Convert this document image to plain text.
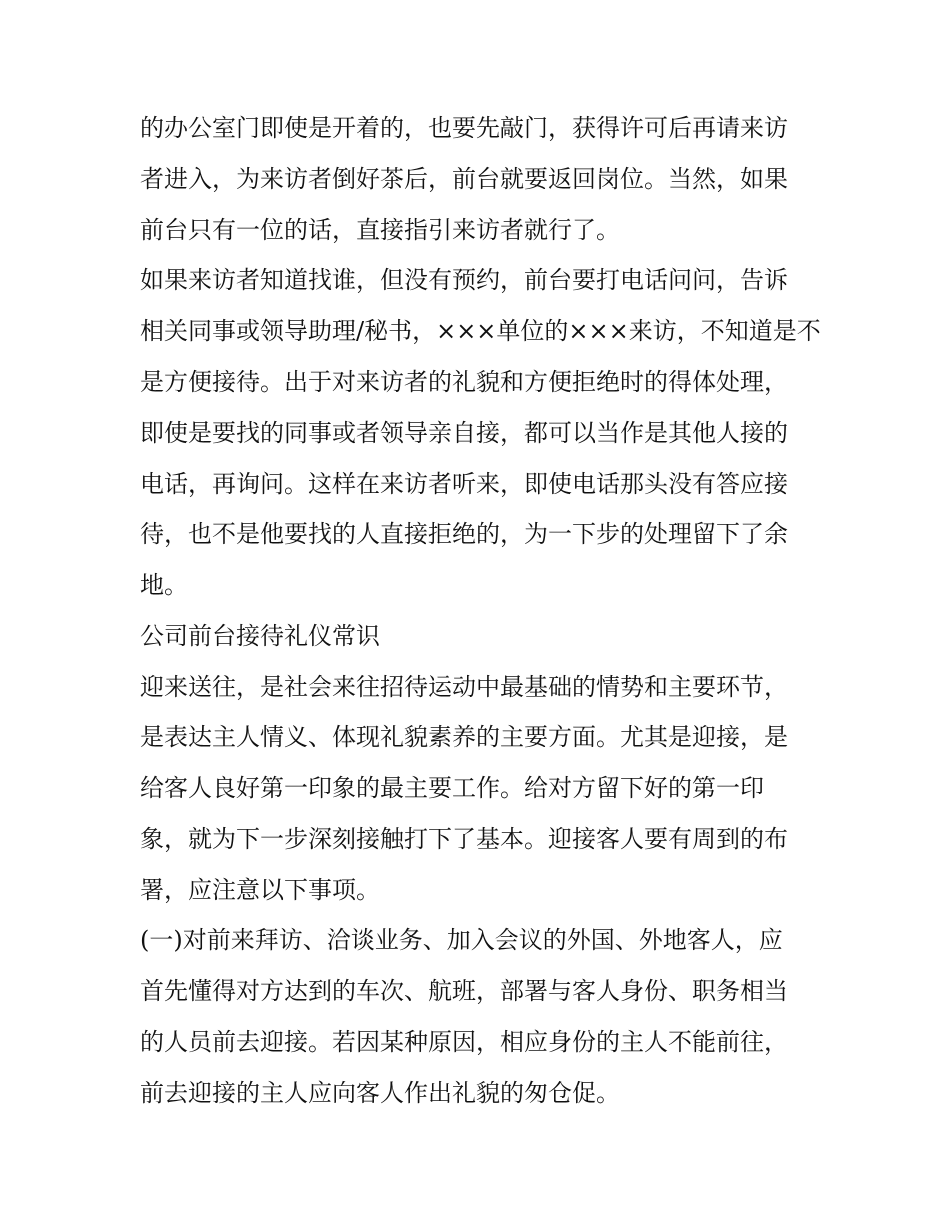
的办公室门即使是开着的，也要先敲门，获得许可后再请来访

者进入，为来访者倒好茶后，前台就要返回岗位。当然，如果

前台只有一位的话，直接指引来访者就行了。

如果来访者知道找谁，但没有预约，前台要打电话问问，告诉

相关同事或领导助理/秘书，×××单位的×××来访，不知道是不

是方便接待。出于对来访者的礼貌和方便拒绝时的得体处理，

即使是要找的同事或者领导亲自接，都可以当作是其他人接的

电话，再询问。这样在来访者听来，即使电话那头没有答应接

待，也不是他要找的人直接拒绝的，为一下步的处理留下了余

地。

公司前台接待礼仪常识

迎来送往，是社会来往招待运动中最基础的情势和主要环节，

是表达主人情义、体现礼貌素养的主要方面。尤其是迎接，是

给客人良好第一印象的最主要工作。给对方留下好的第一印

象，就为下一步深刻接触打下了基本。迎接客人要有周到的布

署，应注意以下事项。

(一)对前来拜访、洽谈业务、加入会议的外国、外地客人，应

首先懂得对方达到的车次、航班，部署与客人身份、职务相当

的人员前去迎接。若因某种原因，相应身份的主人不能前往，

前去迎接的主人应向客人作出礼貌的匆仓促。
